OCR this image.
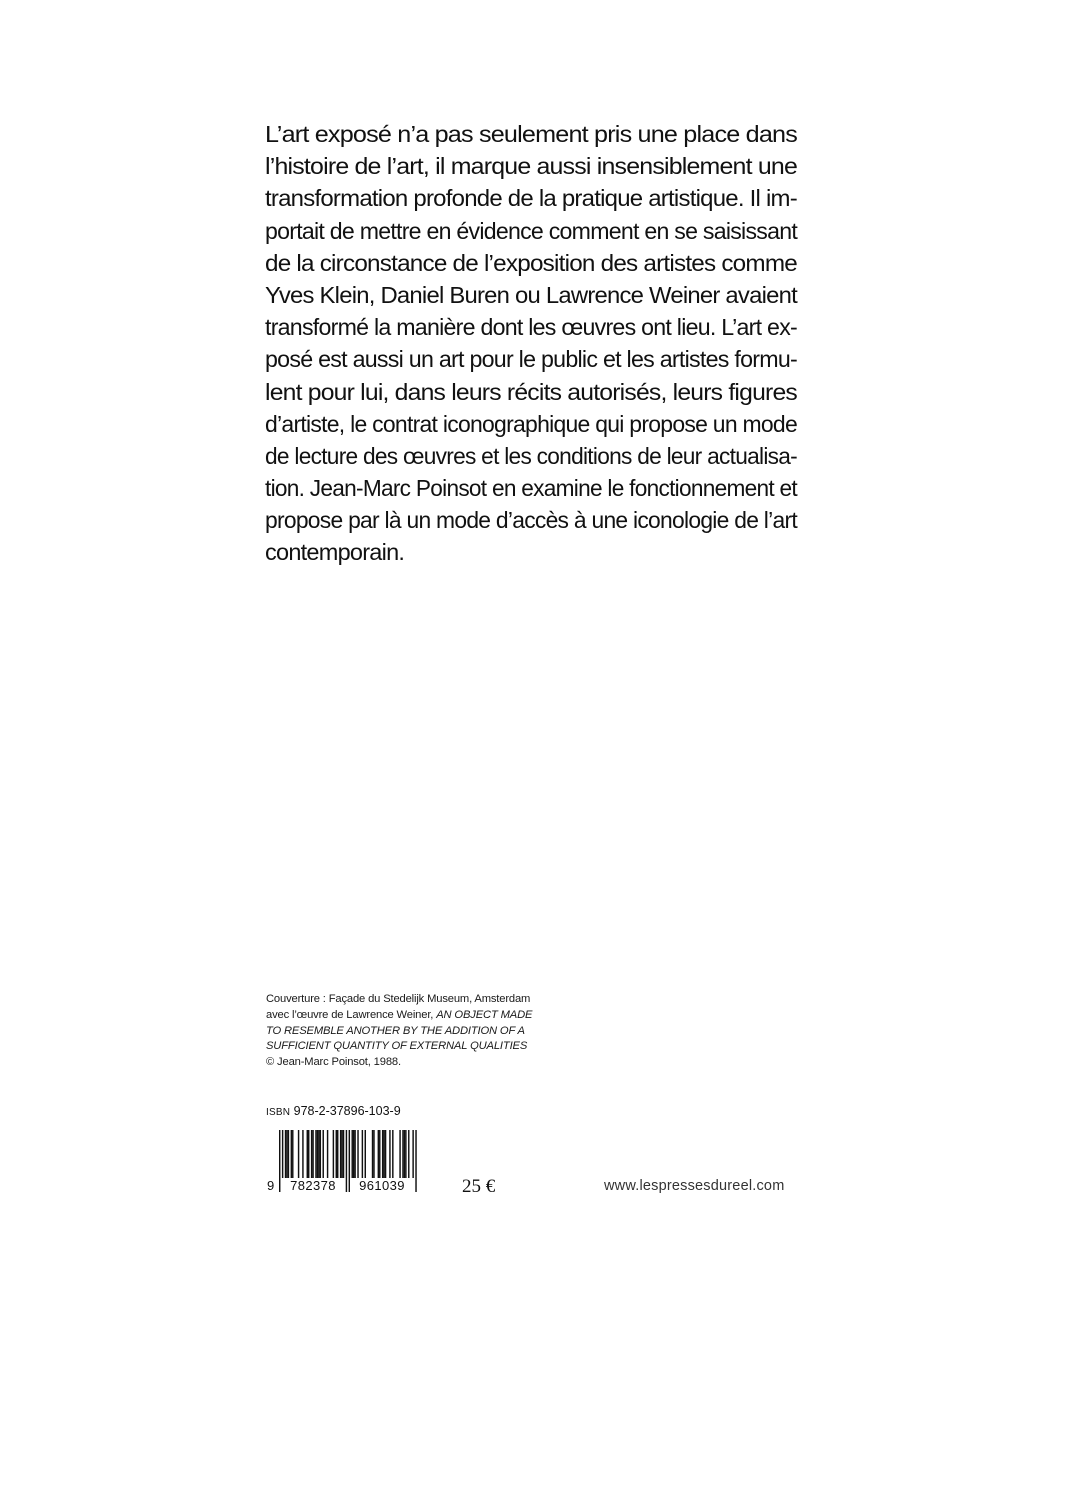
L’art exposé n’a pas seulement pris une place dans
l’histoire de l’art, il marque aussi insensiblement une
transformation profonde de la pratique artistique. Il im-
portait de mettre en évidence comment en se saisissant
de la circonstance de l’exposition des artistes comme
Yves Klein, Daniel Buren ou Lawrence Weiner avaient
transformé la manière dont les œuvres ont lieu. L’art ex-
posé est aussi un art pour le public et les artistes formu-
lent pour lui, dans leurs récits autorisés, leurs figures
d’artiste, le contrat iconographique qui propose un mode
de lecture des œuvres et les conditions de leur actualisa-
tion. Jean-Marc Poinsot en examine le fonctionnement et
propose par là un mode d’accès à une iconologie de l’art
contemporain.
Couverture : Façade du Stedelijk Museum, Amsterdam
avec l’œuvre de Lawrence Weiner, AN OBJECT MADE
TO RESEMBLE ANOTHER BY THE ADDITION OF A
SUFFICIENT QUANTITY OF EXTERNAL QUALITIES
© Jean-Marc Poinsot, 1988.
ISBN 978-2-37896-103-9
9	782378	961039	25 €	www.lespressesdureel.com
